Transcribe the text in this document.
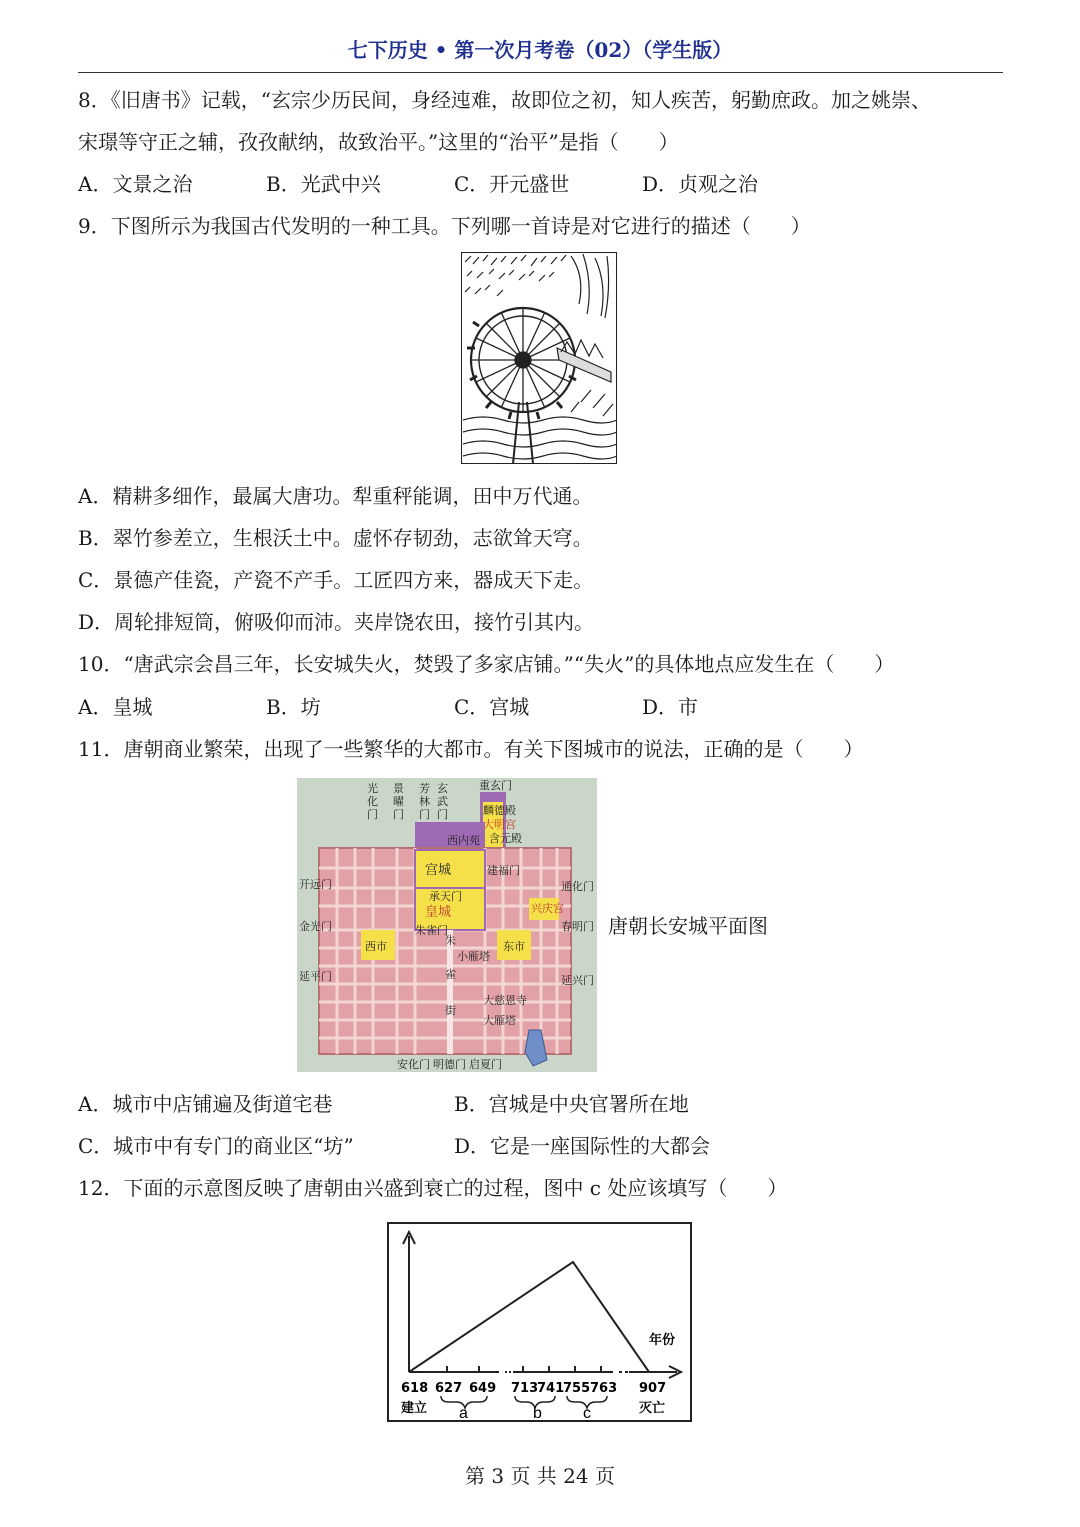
七下历史 • 第一次月考卷（02）（学生版）
8．《旧唐书》记载，“玄宗少历民间，身经迍难，故即位之初，知人疾苦，躬勤庶政。加之姚崇、
宋璟等守正之辅，孜孜献纳，故致治平。”这里的“治平”是指（　　）
A．文景之治	B．光武中兴	C．开元盛世	D．贞观之治
9．下图所示为我国古代发明的一种工具。下列哪一首诗是对它进行的描述（　　）
A．精耕多细作，最属大唐功。犁重秤能调，田中万代通。
B．翠竹参差立，生根沃土中。虚怀存韧劲，志欲耸天穹。
C．景德产佳瓷，产瓷不产手。工匠四方来，器成天下走。
D．周轮排短筒，俯吸仰而沛。夹岸饶农田，接竹引其内。
10．“唐武宗会昌三年，长安城失火，焚毁了多家店铺。”“失火”的具体地点应发生在（　　）
A．皇城	B．坊	C．宫城	D．市
11．唐朝商业繁荣，出现了一些繁华的大都市。有关下图城市的说法，正确的是（　　）
重玄门
麟德殿
大明宫
含元殿
西内苑
宫城
承天门
皇城
建福门
开远门
金光门
延平门
通化门
春明门
延兴门
兴庆宫
西市	东市
朱雀门
朱
雀
街
小雁塔
大慈恩寺
大雁塔
安化门 明德门 启夏门
光
化
门
景
曜
门
芳
林
门
玄
武
门
唐朝长安城平面图
A．城市中店铺遍及街道宅巷	B．宫城是中央官署所在地
C．城市中有专门的商业区“坊”	D．它是一座国际性的大都会
12．下面的示意图反映了唐朝由兴盛到衰亡的过程，图中 c 处应该填写（　　）
年份
618 627 649 713
741
755 763 907
建立	灭亡
a	b	c
第 3 页 共 24 页
